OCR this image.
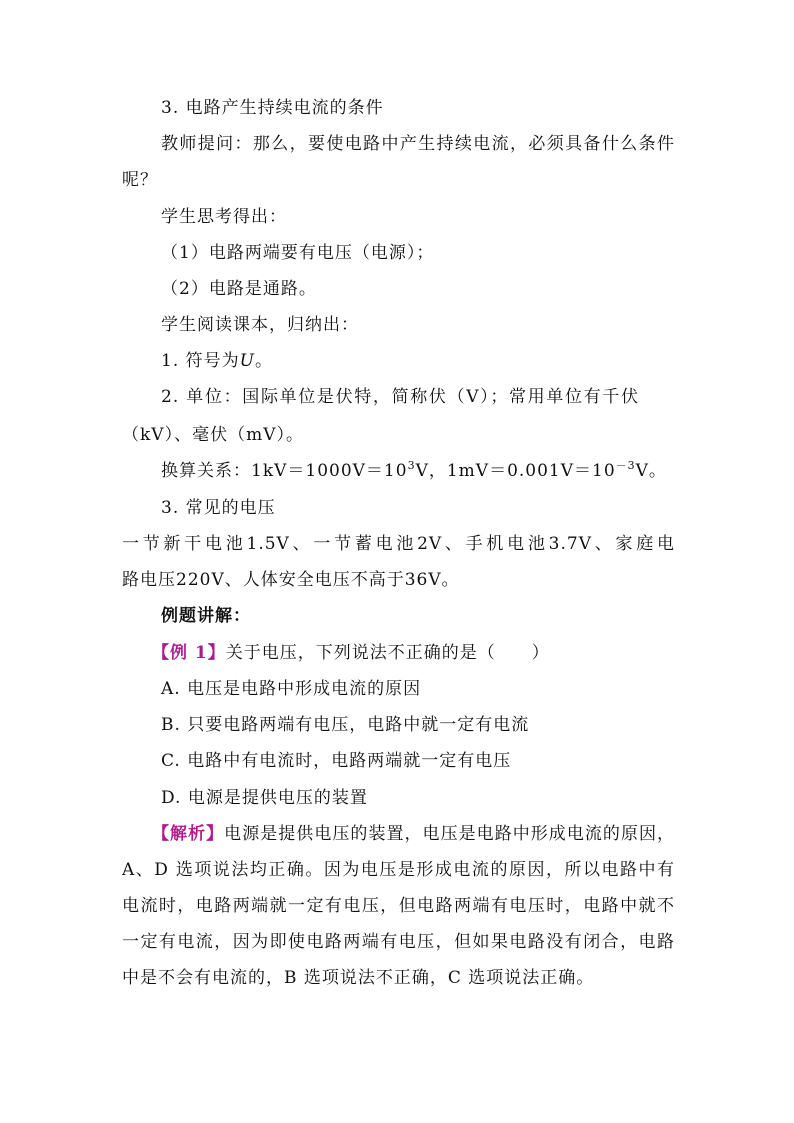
3. 电路产生持续电流的条件
教师提问：那么，要使电路中产生持续电流，必须具备什么条件
呢？
学生思考得出：
（1）电路两端要有电压（电源）；
（2）电路是通路。
学生阅读课本，归纳出：
1. 符号为U。
2. 单位：国际单位是伏特，简称伏（V）；常用单位有千伏
（kV）、毫伏（mV）。
换算关系：$1kV=1000V=10^3V$，$1mV=0.001V=10^{-3}V$。
3. 常见的电压
一节新干电池1.5V、一节蓄电池2V、手机电池3.7V、家庭电
路电压220V、人体安全电压不高于36V。
例题讲解：
【例 1】关于电压，下列说法不正确的是（　　）
A. 电压是电路中形成电流的原因
B. 只要电路两端有电压，电路中就一定有电流
C. 电路中有电流时，电路两端就一定有电压
D. 电源是提供电压的装置
【解析】电源是提供电压的装置，电压是电路中形成电流的原因，
A、D 选项说法均正确。因为电压是形成电流的原因，所以电路中有
电流时，电路两端就一定有电压，但电路两端有电压时，电路中就不
一定有电流，因为即使电路两端有电压，但如果电路没有闭合，电路
中是不会有电流的，B 选项说法不正确，C 选项说法正确。
